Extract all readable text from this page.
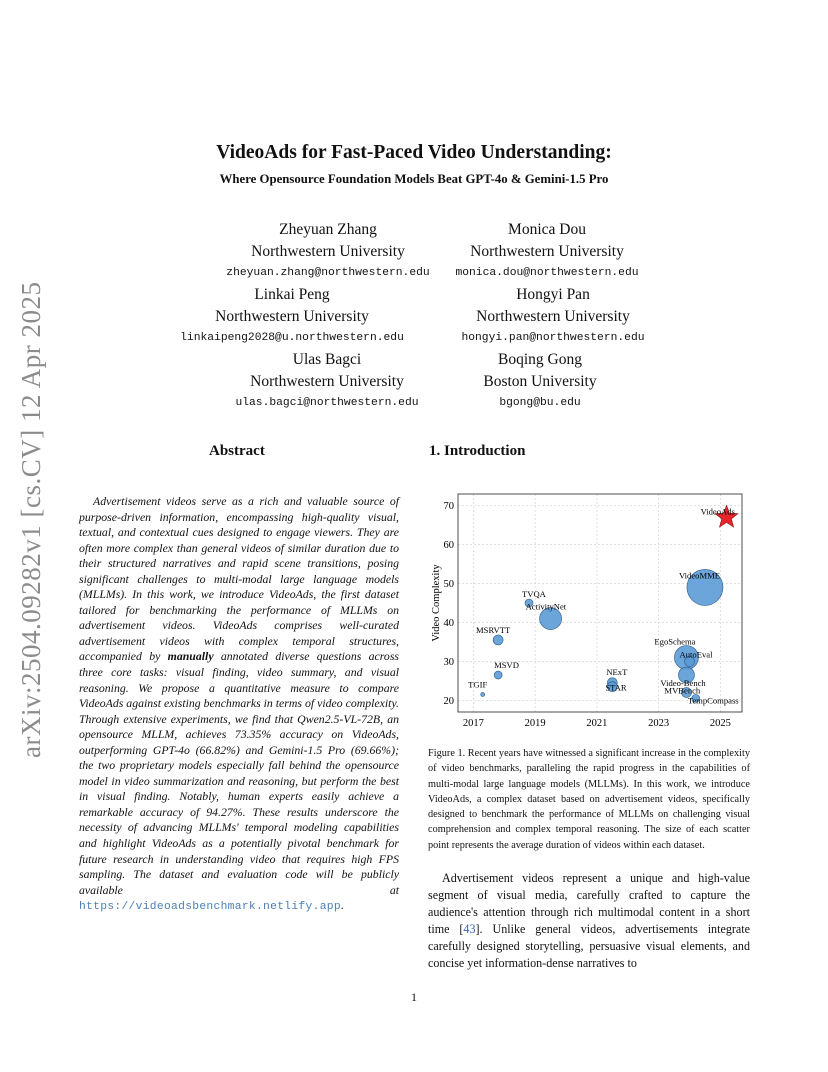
arXiv:2504.09282v1 [cs.CV] 12 Apr 2025
VideoAds for Fast-Paced Video Understanding:
Where Opensource Foundation Models Beat GPT-4o & Gemini-1.5 Pro
Zheyuan Zhang
Northwestern University
zheyuan.zhang@northwestern.edu
Monica Dou
Northwestern University
monica.dou@northwestern.edu
Linkai Peng
Northwestern University
linkaipeng2028@u.northwestern.edu
Hongyi Pan
Northwestern University
hongyi.pan@northwestern.edu
Ulas Bagci
Northwestern University
ulas.bagci@northwestern.edu
Boqing Gong
Boston University
bgong@bu.edu
Abstract	1. Introduction

Advertisement videos serve as a rich and valuable source of purpose-driven information, encompassing high-quality visual, textual, and contextual cues designed to engage viewers. They are often more complex than general videos of similar duration due to their structured narratives and rapid scene transitions, posing significant challenges to multi-modal large language models (MLLMs). In this work, we introduce VideoAds, the first dataset tailored for benchmarking the performance of MLLMs on advertisement videos. VideoAds comprises well-curated advertisement videos with complex temporal structures, accompanied by manually annotated diverse questions across three core tasks: visual finding, video summary, and visual reasoning. We propose a quantitative measure to compare VideoAds against existing benchmarks in terms of video complexity. Through extensive experiments, we find that Qwen2.5-VL-72B, an opensource MLLM, achieves 73.35% accuracy on VideoAds, outperforming GPT-4o (66.82%) and Gemini-1.5 Pro (69.66%); the two proprietary models especially fall behind the opensource model in video summarization and reasoning, but perform the best in visual finding. Notably, human experts easily achieve a remarkable accuracy of 94.27%. These results underscore the necessity of advancing MLLMs' temporal modeling capabilities and highlight VideoAds as a potentially pivotal benchmark for future research in understanding video that requires high FPS sampling. The dataset and evaluation code will be publicly available at https://videoadsbenchmark.netlify.app.

2017	2019	2021	2023	2025
20
30
40
50
60
70
TGIF
MSVD
MSRVTT
TVQA
ActivityNet
NExT
STAR
EgoSchema
AutoEval
Video-Bench
MVBench
TempCompass
VideoMME
VideoAds
Video Complexity

Figure 1. Recent years have witnessed a significant increase in the complexity of video benchmarks, paralleling the rapid progress in the capabilities of multi-modal large language models (MLLMs). In this work, we introduce VideoAds, a complex dataset based on advertisement videos, specifically designed to benchmark the performance of MLLMs on challenging visual comprehension and complex temporal reasoning. The size of each scatter point represents the average duration of videos within each dataset.

Advertisement videos represent a unique and high-value segment of visual media, carefully crafted to capture the audience's attention through rich multimodal content in a short time [43]. Unlike general videos, advertisements integrate carefully designed storytelling, persuasive visual elements, and concise yet information-dense narratives to

1
